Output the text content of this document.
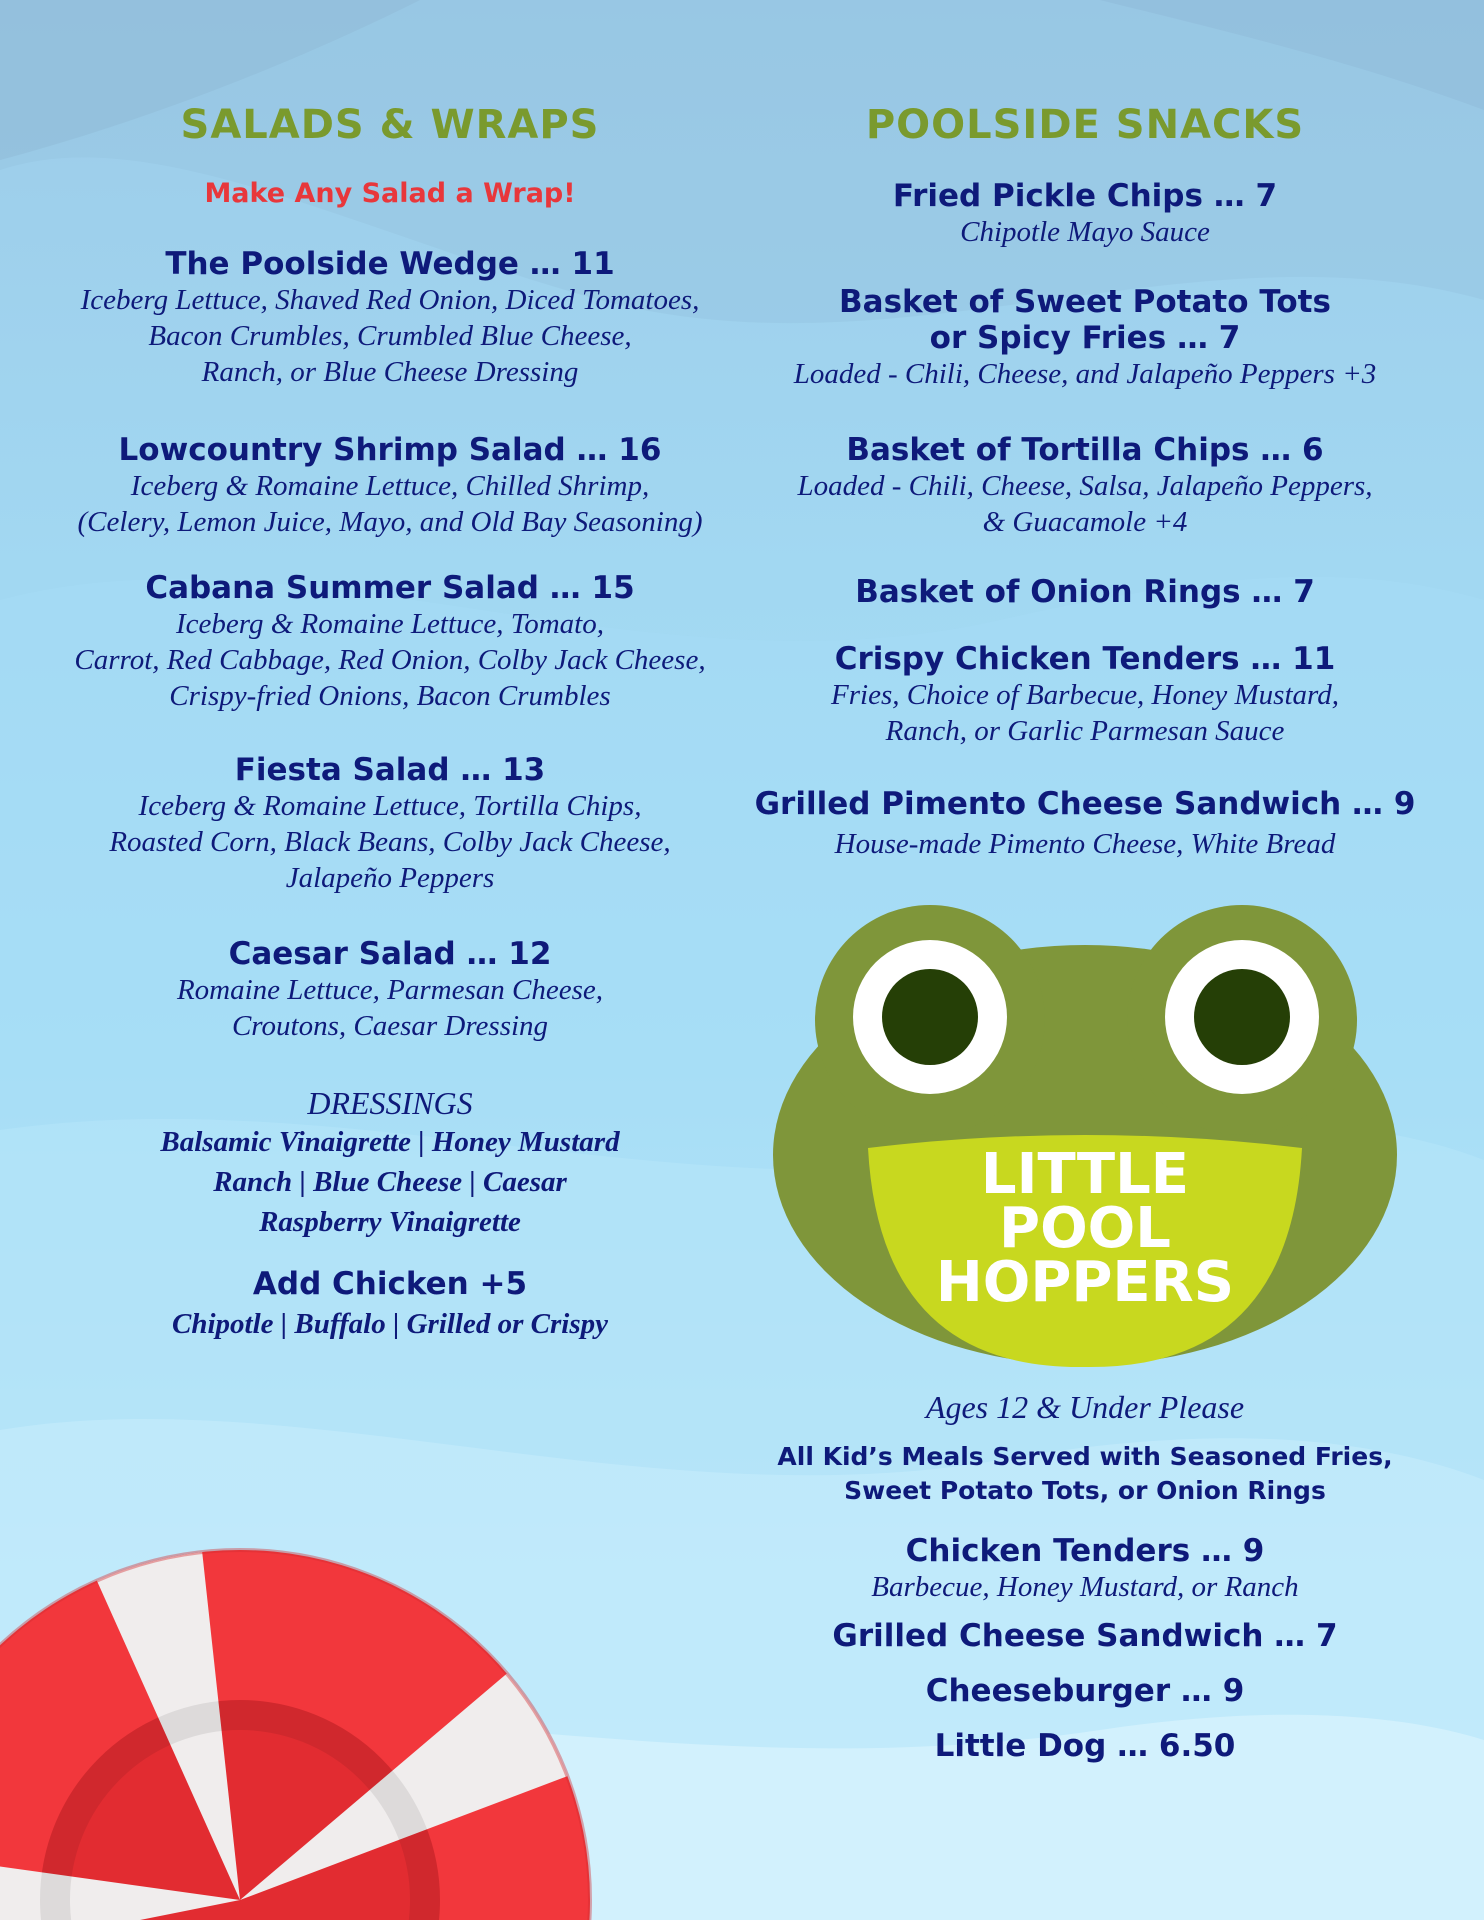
SALADS & WRAPS
Make Any Salad a Wrap!
The Poolside Wedge … 11
Iceberg Lettuce, Shaved Red Onion, Diced Tomatoes,
Bacon Crumbles, Crumbled Blue Cheese,
Ranch, or Blue Cheese Dressing
Lowcountry Shrimp Salad … 16
Iceberg & Romaine Lettuce, Chilled Shrimp,
(Celery, Lemon Juice, Mayo, and Old Bay Seasoning)
Cabana Summer Salad … 15
Iceberg & Romaine Lettuce, Tomato,
Carrot, Red Cabbage, Red Onion, Colby Jack Cheese,
Crispy-fried Onions, Bacon Crumbles
Fiesta Salad … 13
Iceberg & Romaine Lettuce, Tortilla Chips,
Roasted Corn, Black Beans, Colby Jack Cheese,
Jalapeño Peppers
Caesar Salad … 12
Romaine Lettuce, Parmesan Cheese,
Croutons, Caesar Dressing
DRESSINGS
Balsamic Vinaigrette | Honey Mustard
Ranch | Blue Cheese | Caesar
Raspberry Vinaigrette
Add Chicken +5
Chipotle | Buffalo | Grilled or Crispy
POOLSIDE SNACKS
Fried Pickle Chips … 7
Chipotle Mayo Sauce
Basket of Sweet Potato Tots
or Spicy Fries … 7
Loaded - Chili, Cheese, and Jalapeño Peppers +3
Basket of Tortilla Chips … 6
Loaded - Chili, Cheese, Salsa, Jalapeño Peppers,
& Guacamole +4
Basket of Onion Rings … 7
Crispy Chicken Tenders … 11
Fries, Choice of Barbecue, Honey Mustard,
Ranch, or Garlic Parmesan Sauce
Grilled Pimento Cheese Sandwich … 9
House-made Pimento Cheese, White Bread
Ages 12 & Under Please
All Kid’s Meals Served with Seasoned Fries,
Sweet Potato Tots, or Onion Rings
Chicken Tenders … 9
Barbecue, Honey Mustard, or Ranch
Grilled Cheese Sandwich … 7
Cheeseburger … 9
Little Dog … 6.50
LITTLE
POOL
HOPPERS
